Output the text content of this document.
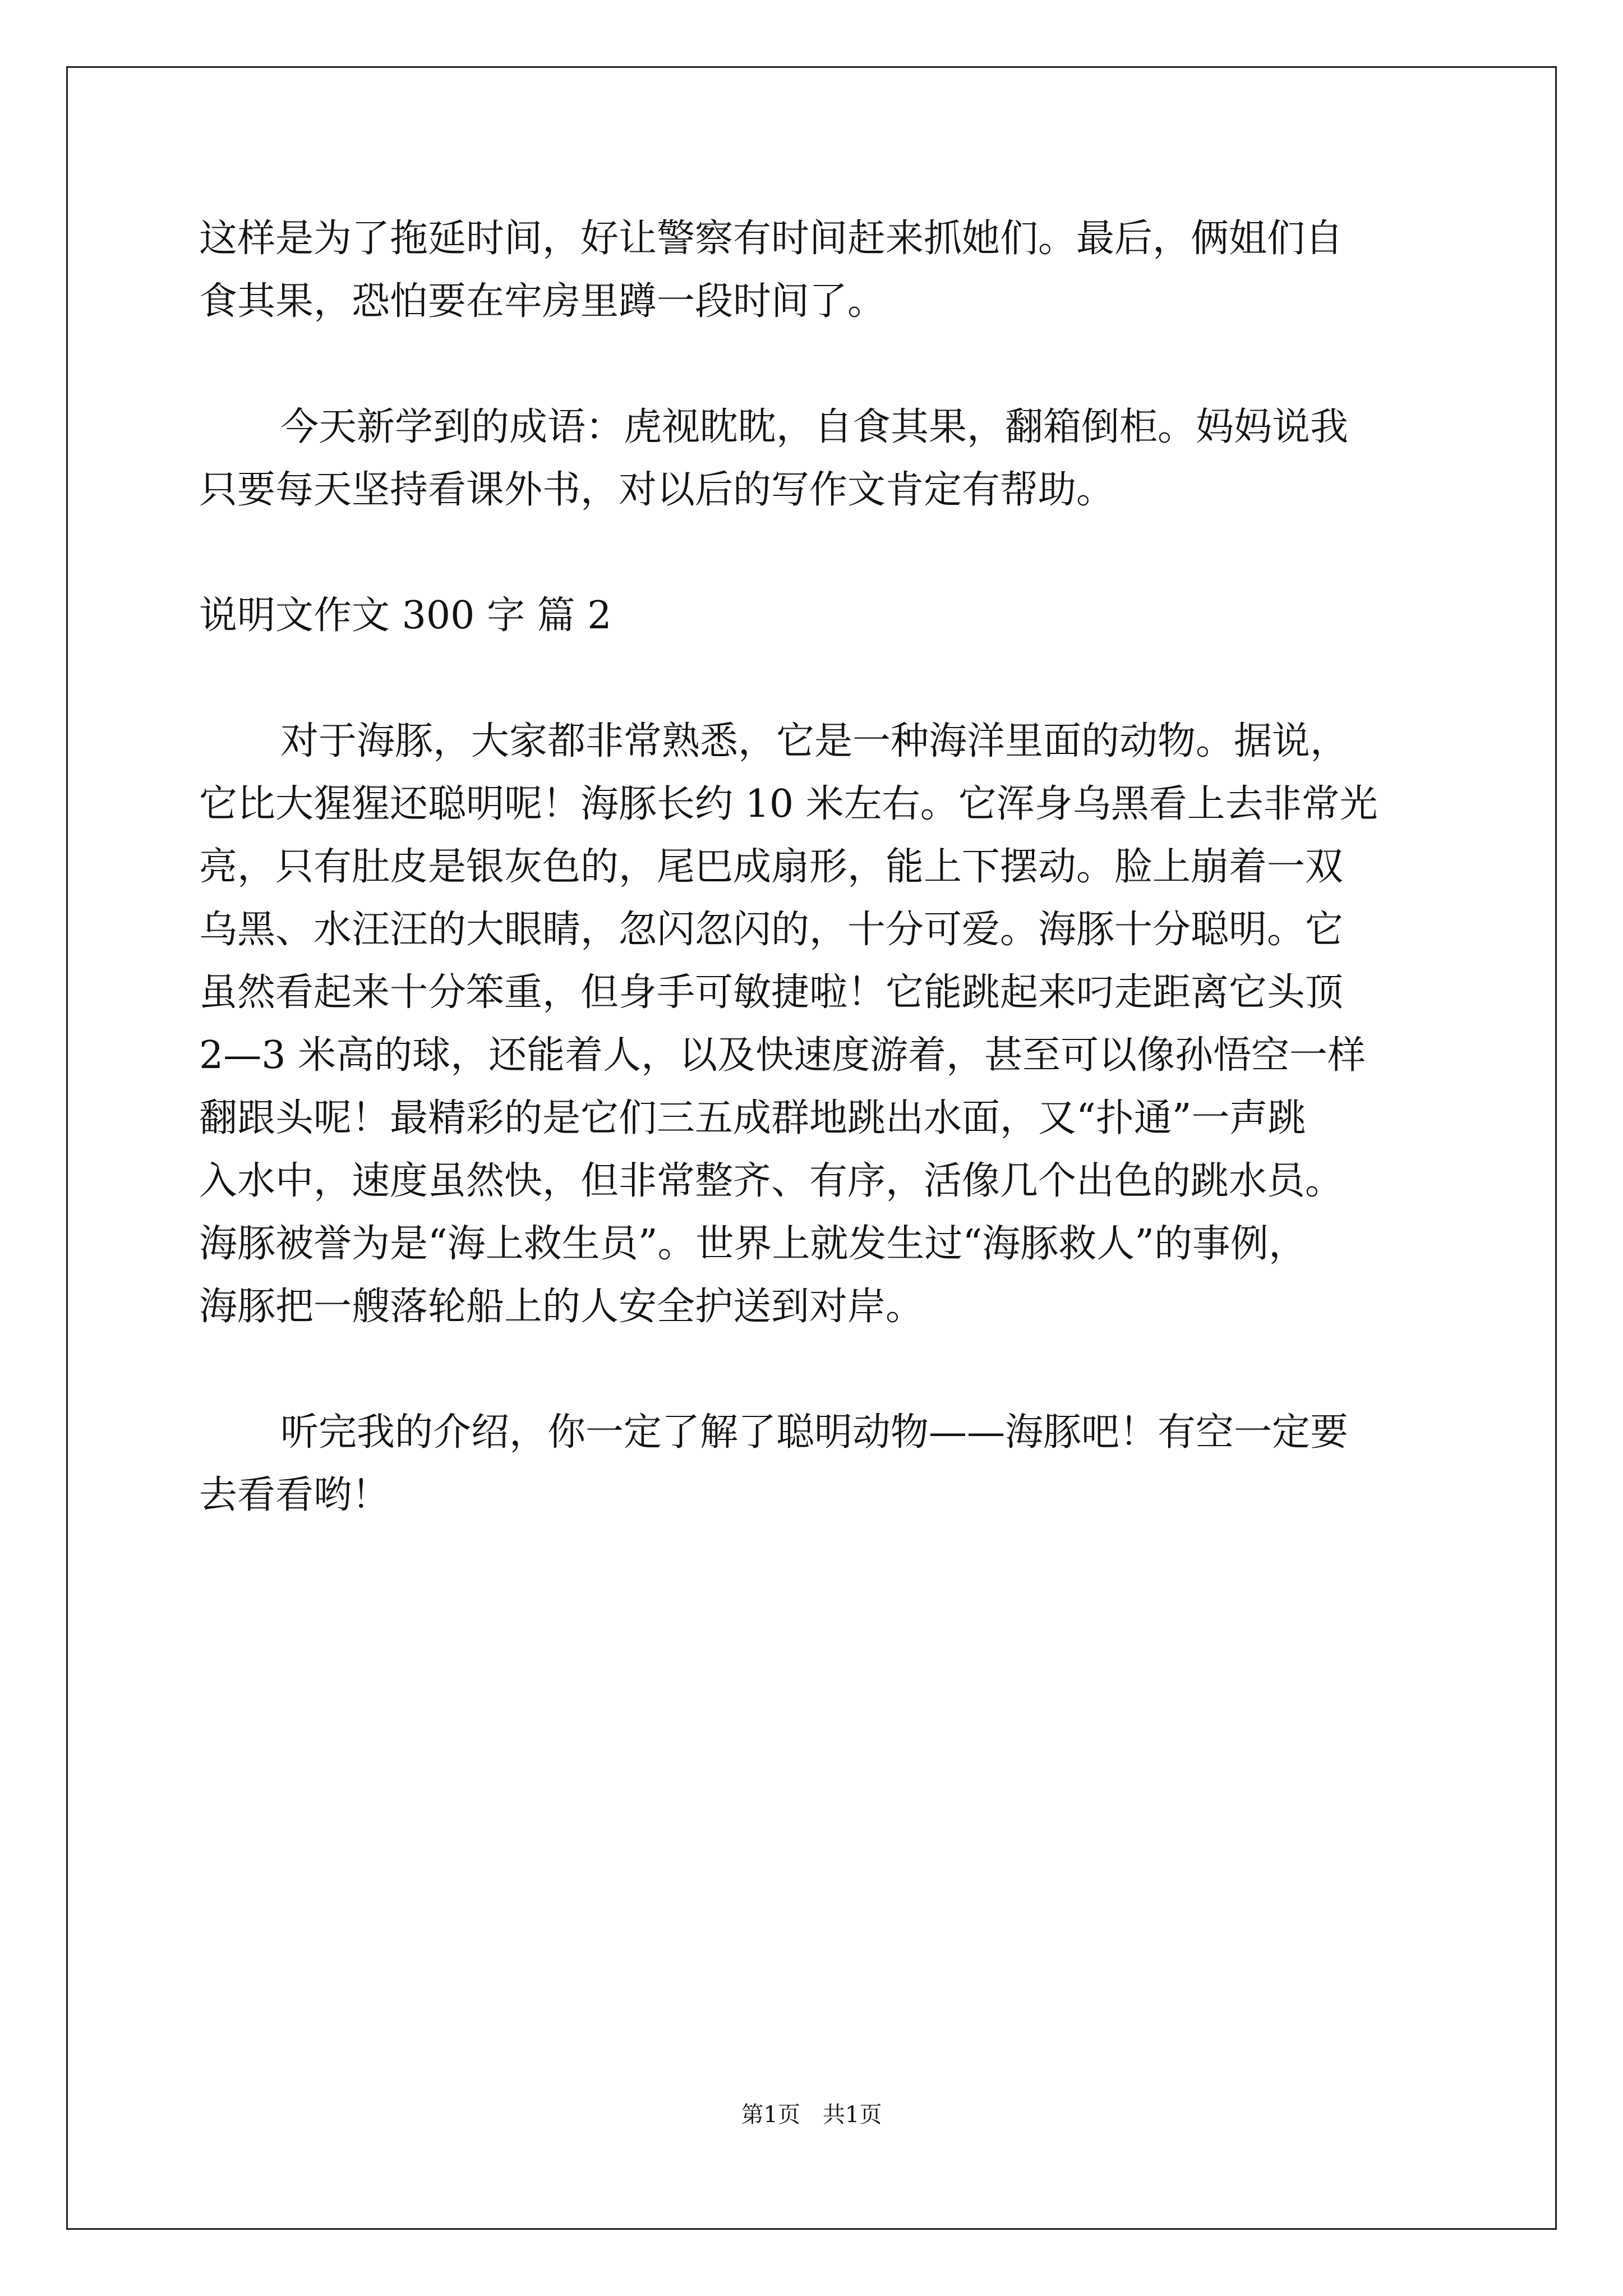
这样是为了拖延时间，好让警察有时间赶来抓她们。最后，俩姐们自
食其果，恐怕要在牢房里蹲一段时间了。
今天新学到的成语：虎视眈眈，自食其果，翻箱倒柜。妈妈说我
只要每天坚持看课外书，对以后的写作文肯定有帮助。
说明文作文 300 字 篇 2
对于海豚，大家都非常熟悉，它是一种海洋里面的动物。据说，
它比大猩猩还聪明呢！海豚长约 10 米左右。它浑身乌黑看上去非常光
亮，只有肚皮是银灰色的，尾巴成扇形，能上下摆动。脸上崩着一双
乌黑、水汪汪的大眼睛，忽闪忽闪的，十分可爱。海豚十分聪明。它
虽然看起来十分笨重，但身手可敏捷啦！它能跳起来叼走距离它头顶
2—3 米高的球，还能着人，以及快速度游着，甚至可以像孙悟空一样
翻跟头呢！最精彩的是它们三五成群地跳出水面，又“扑通”一声跳
入水中，速度虽然快，但非常整齐、有序，活像几个出色的跳水员。
海豚被誉为是“海上救生员”。世界上就发生过“海豚救人”的事例，
海豚把一艘落轮船上的人安全护送到对岸。
听完我的介绍，你一定了解了聪明动物——海豚吧！有空一定要
去看看哟！
第1页 共1页
